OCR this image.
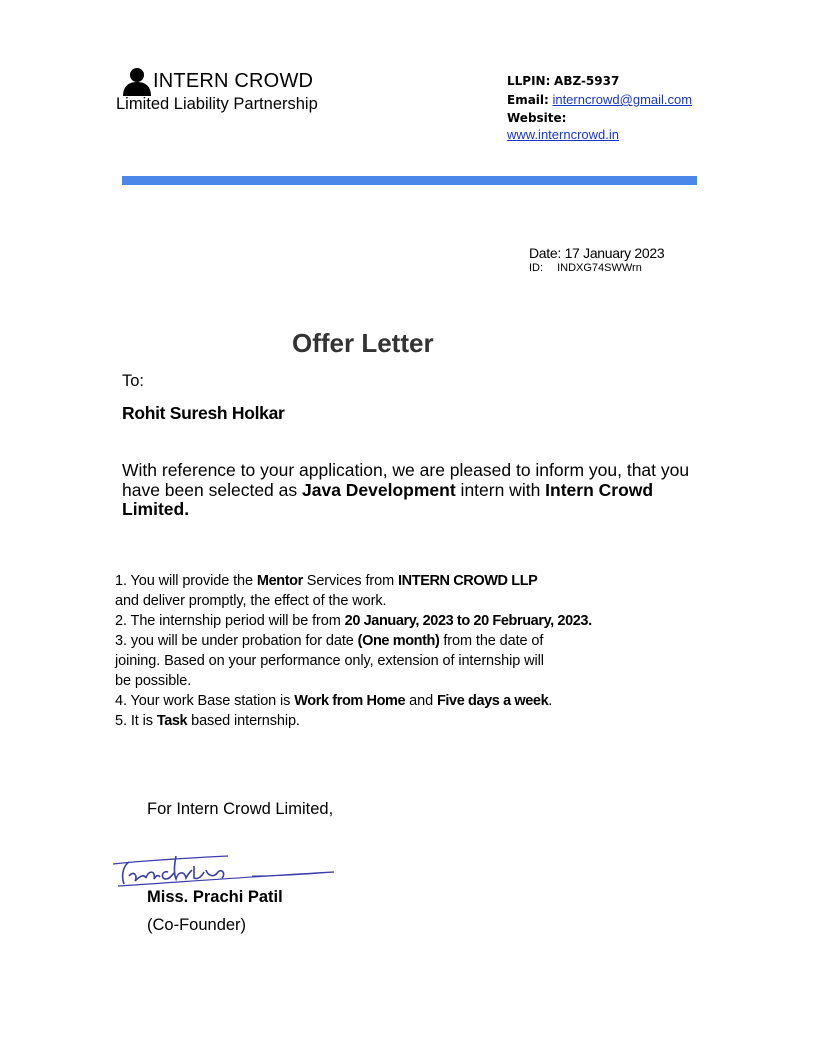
INTERN CROWD
Limited Liability Partnership
LLPIN: ABZ-5937
Email: interncrowd@gmail.com
Website:
www.interncrowd.in
Date: 17 January 2023
ID: INDXG74SWWrn
Offer Letter
To:
Rohit Suresh Holkar
With reference to your application, we are pleased to inform you, that you have been selected as Java Development intern with Intern Crowd Limited.
1. You will provide the Mentor Services from INTERN CROWD LLP
and deliver promptly, the effect of the work.
2. The internship period will be from 20 January, 2023 to 20 February, 2023.
3. you will be under probation for date (One month) from the date of
joining. Based on your performance only, extension of internship will
be possible.
4. Your work Base station is Work from Home and Five days a week.
5. It is Task based internship.
For Intern Crowd Limited,
Miss. Prachi Patil
(Co-Founder)
